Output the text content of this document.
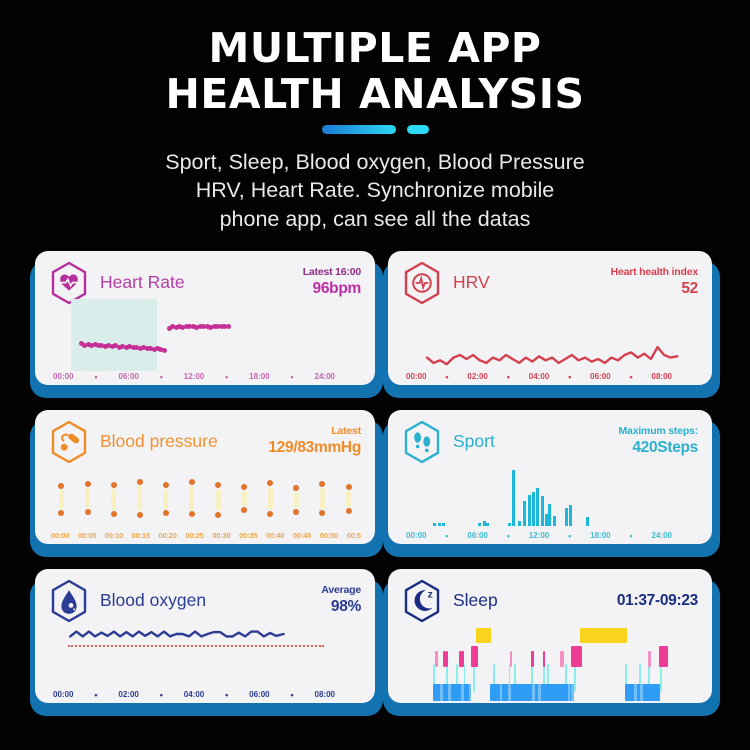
MULTIPLE APP
HEALTH ANALYSIS
Sport, Sleep, Blood oxygen, Blood Pressure
HRV, Heart Rate. Synchronize mobile
phone app, can see all the datas
Heart Rate
Latest 16:00
96bpm
00:00 •	06:00 •	12:00 •	18:00 •	24:00
HRV
Heart health index
52
00:00 • 02:00 • 04:00 • 06:00 • 08:00
Blood pressure
Latest
129/83mmHg
00:00 00:05 00:10 00:15 00:20 00:25 00:30 00:35 00:40 00:45 00:50 00:5
Sport
Maximum steps:
420Steps
00:00 • 06:00 • 12:00 • 18:00 • 24:00
Blood oxygen
Average
98%
00:00 •	02:00 •	04:00 •	06:00 •	08:00
z Sleep	01:37-09:23
